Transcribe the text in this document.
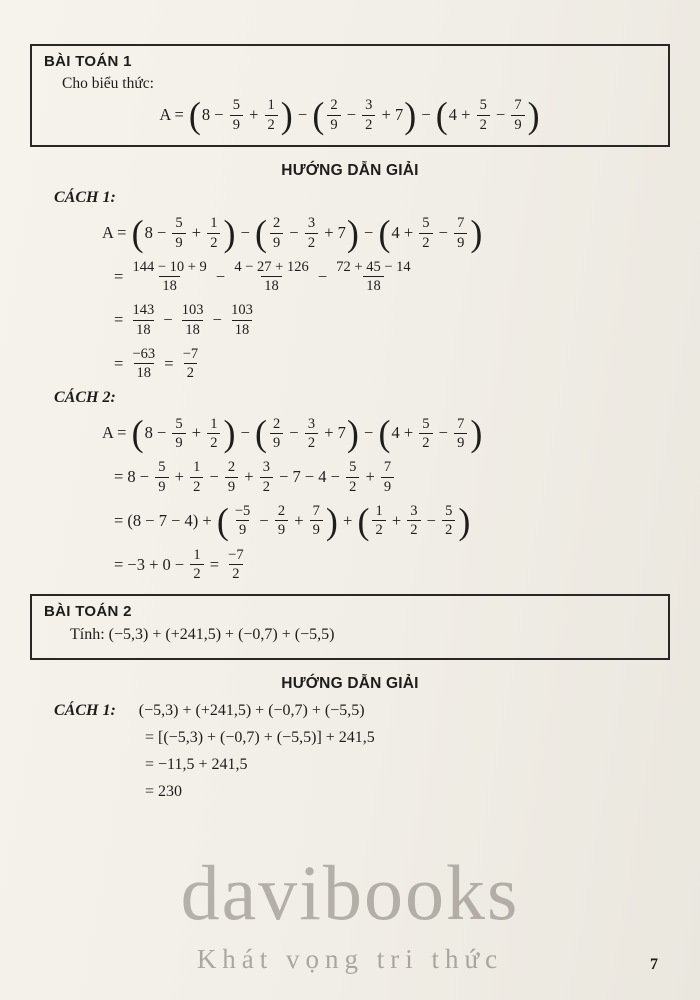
BÀI TOÁN 1
Cho biểu thức:
A = ( $8 - \frac{5}{9} + \frac{1}{2}$ ) − ( $\frac{2}{9} - \frac{3}{2} + 7$ ) − ( $4 + \frac{5}{2} - \frac{7}{9}$ )
HƯỚNG DẪN GIẢI
CÁCH 1:
A = ( $8 - \frac{5}{9} + \frac{1}{2}$ ) − ( $\frac{2}{9} - \frac{3}{2} + 7$ ) − ( $4 + \frac{5}{2} - \frac{7}{9}$ )
= $\frac{144 - 10 + 9}{18} - \frac{4 - 27 + 126}{18} - \frac{72 + 45 - 14}{18}$
= $\frac{143}{18} - \frac{103}{18} - \frac{103}{18}$
= $\frac{-63}{18} = \frac{-7}{2}$
CÁCH 2:
A = ( $8 - \frac{5}{9} + \frac{1}{2}$ ) − ( $\frac{2}{9} - \frac{3}{2} + 7$ ) − ( $4 + \frac{5}{2} - \frac{7}{9}$ )
= $8 - \frac{5}{9} + \frac{1}{2} - \frac{2}{9} + \frac{3}{2} - 7 - 4 - \frac{5}{2} + \frac{7}{9}$
= (8 − 7 − 4) + ( $\frac{-5}{9} - \frac{2}{9} + \frac{7}{9}$ ) + ( $\frac{1}{2} + \frac{3}{2} - \frac{5}{2}$ )
= $-3 + 0 - \frac{1}{2} = \frac{-7}{2}$
BÀI TOÁN 2
Tính: (−5,3) + (+241,5) + (−0,7) + (−5,5)
HƯỚNG DẪN GIẢI
CÁCH 1: (−5,3) + (+241,5) + (−0,7) + (−5,5)
= [(−5,3) + (−0,7) + (−5,5)] + 241,5
= −11,5 + 241,5
= 230
davibooks
Khát vọng tri thức	7
